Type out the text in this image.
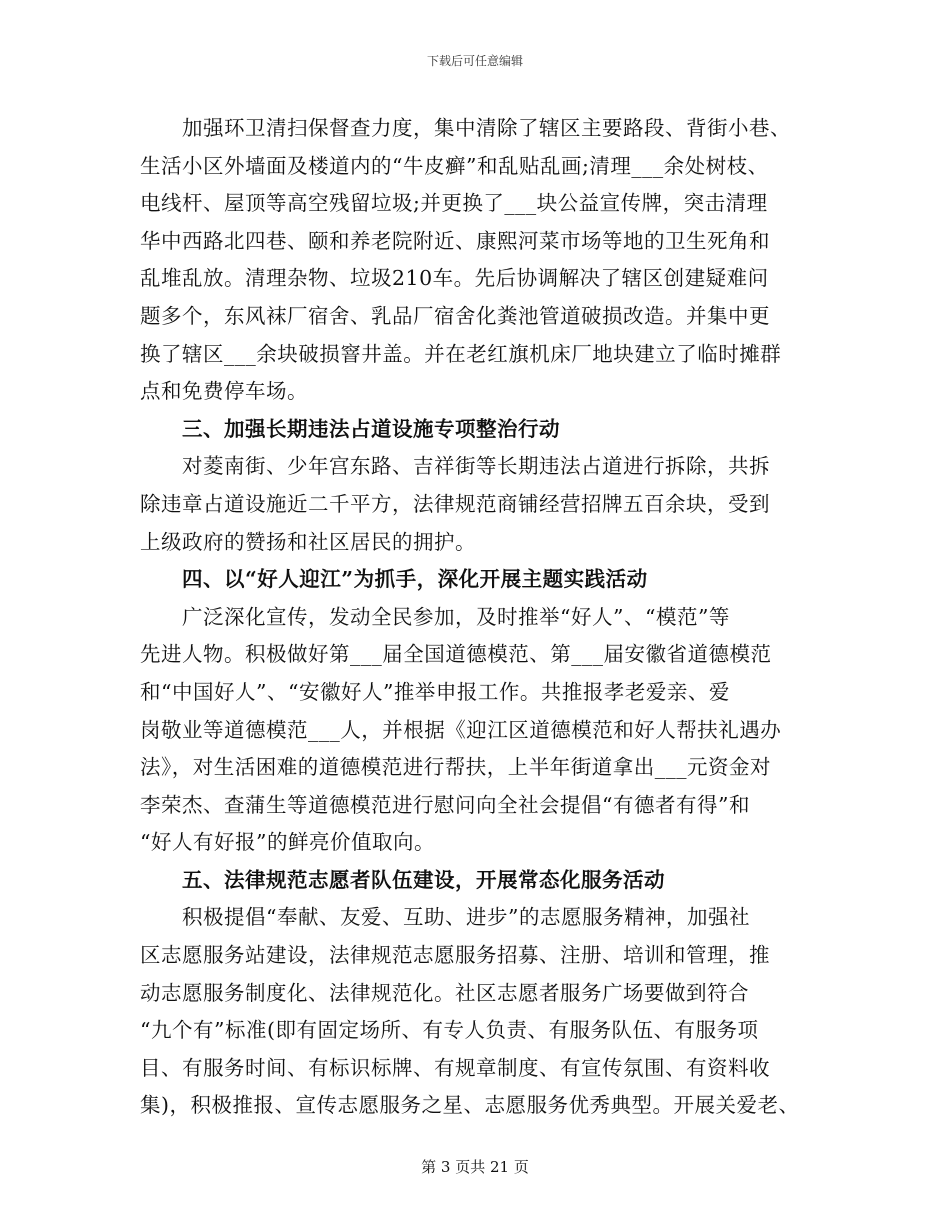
下载后可任意编辑
加强环卫清扫保督查力度，集中清除了辖区主要路段、背街小巷、
生活小区外墙面及楼道内的“牛皮癣”和乱贴乱画;清理___余处树枝、
电线杆、屋顶等高空残留垃圾;并更换了___块公益宣传牌，突击清理
华中西路北四巷、颐和养老院附近、康熙河菜市场等地的卫生死角和
乱堆乱放。清理杂物、垃圾210车。先后协调解决了辖区创建疑难问
题多个，东风袜厂宿舍、乳品厂宿舍化粪池管道破损改造。并集中更
换了辖区___余块破损窨井盖。并在老红旗机床厂地块建立了临时摊群
点和免费停车场。
三、加强长期违法占道设施专项整治行动
对菱南街、少年宫东路、吉祥街等长期违法占道进行拆除，共拆
除违章占道设施近二千平方，法律规范商铺经营招牌五百余块，受到
上级政府的赞扬和社区居民的拥护。
四、以“好人迎江”为抓手，深化开展主题实践活动
广泛深化宣传，发动全民参加，及时推举“好人”、“模范”等
先进人物。积极做好第___届全国道德模范、第___届安徽省道德模范
和“中国好人”、“安徽好人”推举申报工作。共推报孝老爱亲、爱
岗敬业等道德模范___人，并根据《迎江区道德模范和好人帮扶礼遇办
法》，对生活困难的道德模范进行帮扶，上半年街道拿出___元资金对
李荣杰、查蒲生等道德模范进行慰问向全社会提倡“有德者有得”和
“好人有好报”的鲜亮价值取向。
五、法律规范志愿者队伍建设，开展常态化服务活动
积极提倡“奉献、友爱、互助、进步”的志愿服务精神，加强社
区志愿服务站建设，法律规范志愿服务招募、注册、培训和管理，推
动志愿服务制度化、法律规范化。社区志愿者服务广场要做到符合
“九个有”标准(即有固定场所、有专人负责、有服务队伍、有服务项
目、有服务时间、有标识标牌、有规章制度、有宣传氛围、有资料收
集)，积极推报、宣传志愿服务之星、志愿服务优秀典型。开展关爱老、
第 3 页共 21 页
